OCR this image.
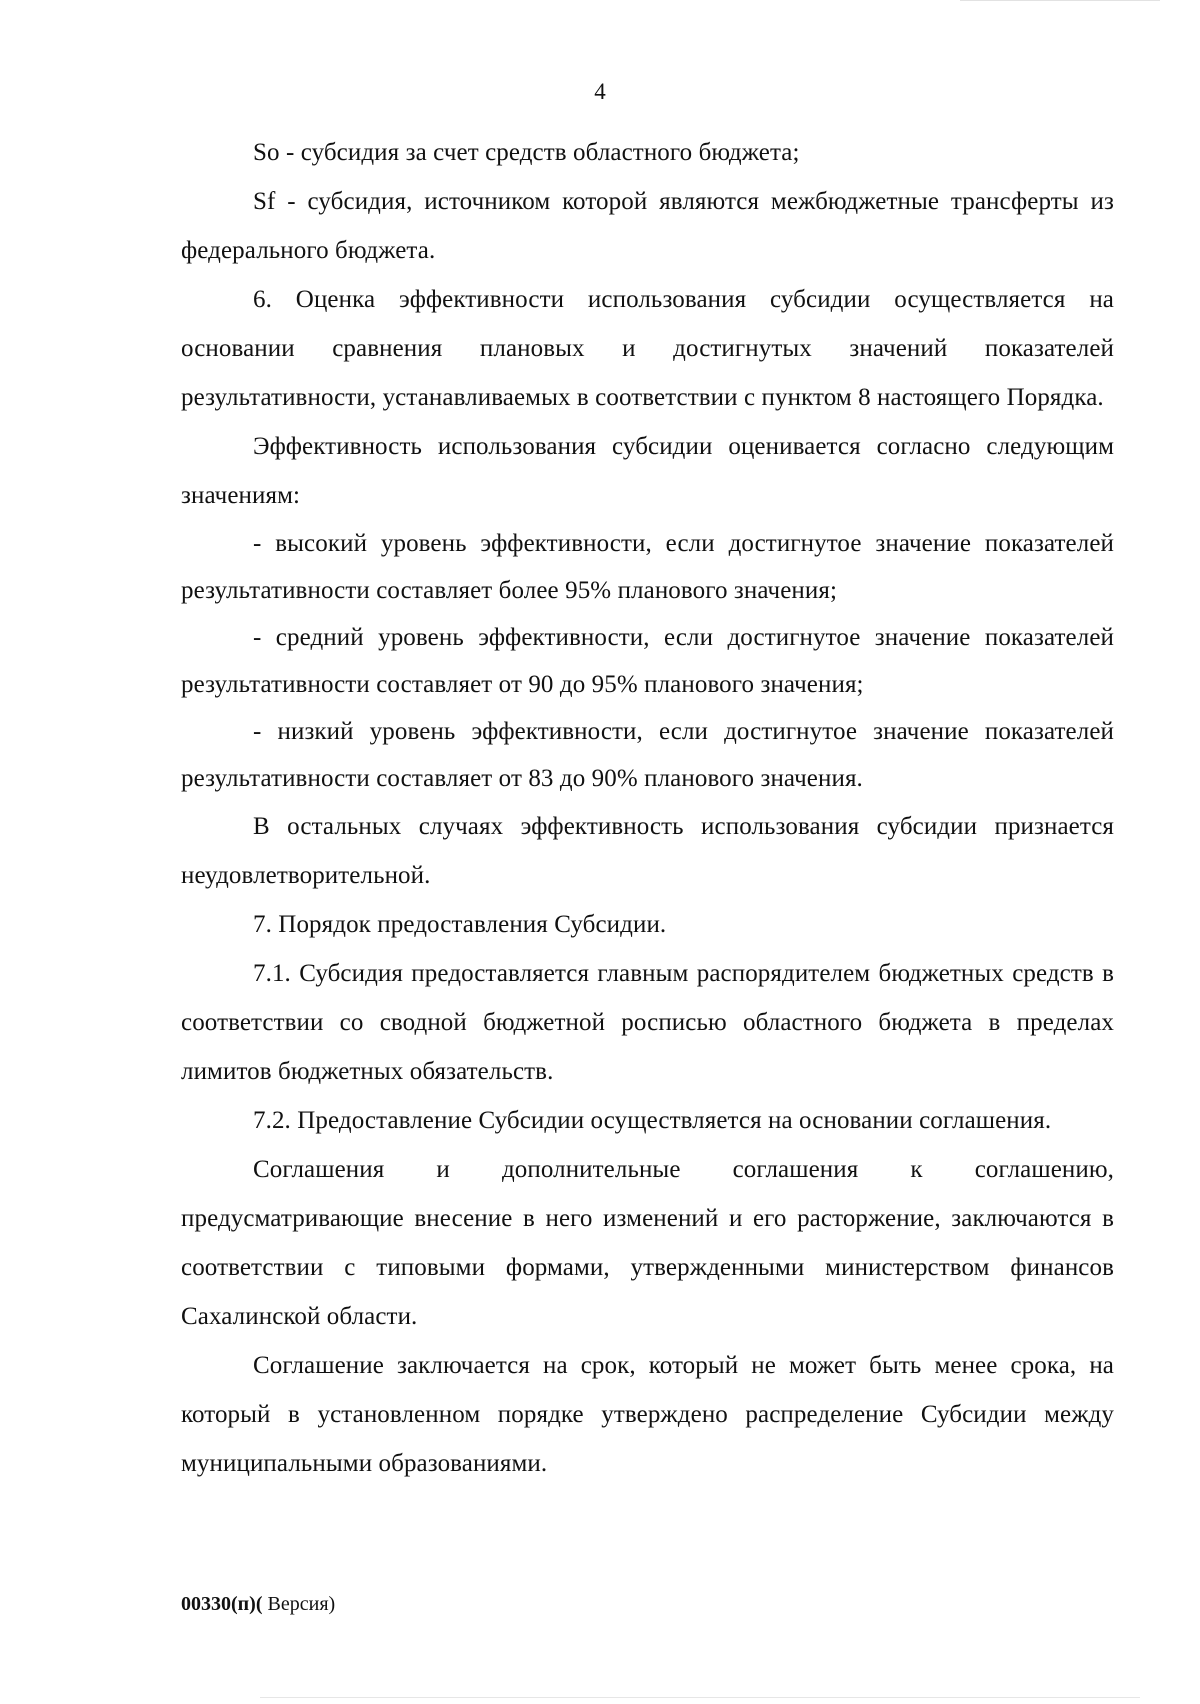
4

So - субсидия за счет средств областного бюджета;

Sf - субсидия, источником которой являются межбюджетные трансферты из федерального бюджета.

6. Оценка эффективности использования субсидии осуществляется на основании сравнения плановых и достигнутых значений показателей результативности, устанавливаемых в соответствии с пунктом 8 настоящего Порядка.

Эффективность использования субсидии оценивается согласно следующим значениям:

- высокий уровень эффективности, если достигнутое значение показателей результативности составляет более 95% планового значения;

- средний уровень эффективности, если достигнутое значение показателей результативности составляет от 90 до 95% планового значения;

- низкий уровень эффективности, если достигнутое значение показателей результативности составляет от 83 до 90% планового значения.

В остальных случаях эффективность использования субсидии признается неудовлетворительной.

7. Порядок предоставления Субсидии.

7.1. Субсидия предоставляется главным распорядителем бюджетных средств в соответствии со сводной бюджетной росписью областного бюджета в пределах лимитов бюджетных обязательств.

7.2. Предоставление Субсидии осуществляется на основании соглашения.

Соглашения и дополнительные соглашения к соглашению, предусматривающие внесение в него изменений и его расторжение, заключаются в соответствии с типовыми формами, утвержденными министерством финансов Сахалинской области.

Соглашение заключается на срок, который не может быть менее срока, на который в установленном порядке утверждено распределение Субсидии между муниципальными образованиями.

00330(п)( Версия)
